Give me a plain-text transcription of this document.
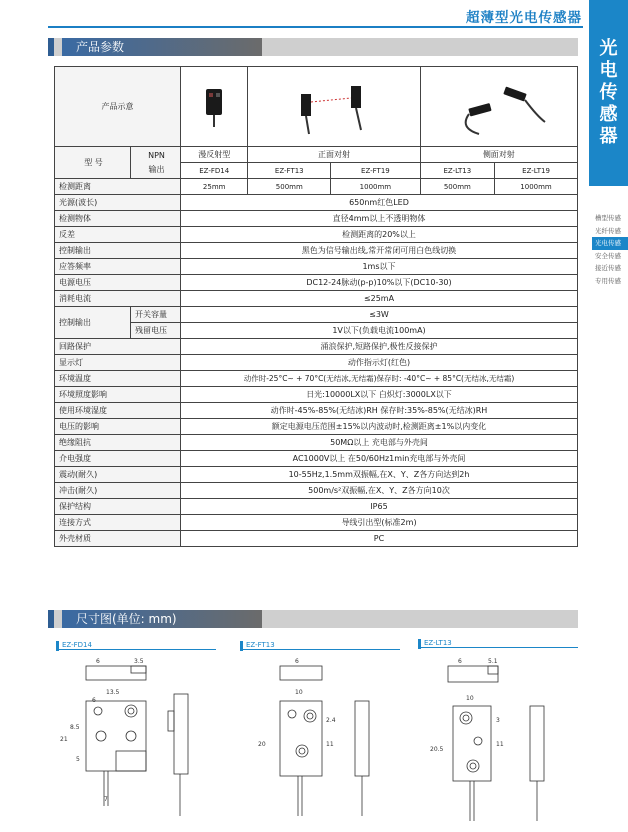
超薄型光电传感器
光
电
传
感
器
槽型传感
光纤传感
光电传感
安全传感
接近传感
专用传感
产品参数
产品示意			
型 号	NPN
输出	漫反射型	正面对射		侧面对射	
		EZ-FD14	EZ-FT13	EZ-FT19	EZ-LT13	EZ-LT19
检测距离		25mm	500mm	1000mm	500mm	1000mm
光源(波长)		650nm红色LED				
检测物体		直径4mm以上不透明物体				
反差		检测距离的20%以上				
控制输出		黑色为信号输出线,常开常闭可用白色线切换				
应答频率		1ms以下				
电源电压		DC12-24脉动(p-p)10%以下(DC10-30)				
消耗电流		≤25mA				
控制输出	开关容量	≤3W				
	残留电压	1V以下(负载电流100mA)				
回路保护		涌浪保护,短路保护,极性反接保护				
显示灯		动作指示灯(红色)				
环境温度		动作时-25°C~ + 70°C(无结冰,无结霜)保存时: -40°C~ + 85°C(无结冰,无结霜)				
环境照度影响		日光:10000LX以下 白炽灯:3000LX以下				
使用环境湿度		动作时-45%-85%(无结冰)RH 保存时:35%-85%(无结冰)RH				
电压的影响		额定电源电压范围±15%以内波动时,检测距离±1%以内变化				
绝缘阻抗		50MΩ以上 充电部与外壳间				
介电强度		AC1000V以上 在50/60Hz1min充电部与外壳间				
震动(耐久)		10-55Hz,1.5mm双振幅,在X、Y、Z各方向达到2h				
冲击(耐久)		500m/s²双振幅,在X、Y、Z各方向10次				
保护结构		IP65				
连接方式		导线引出型(标准2m)				
外壳材质		PC				
尺寸图(单位: mm)
EZ-FD14
6	3.5
13.5
6
21
8.5
5
7
EZ-FT13
6
10
20
2.4
11
EZ-LT13
6	5.1
10
20.5
11
3
